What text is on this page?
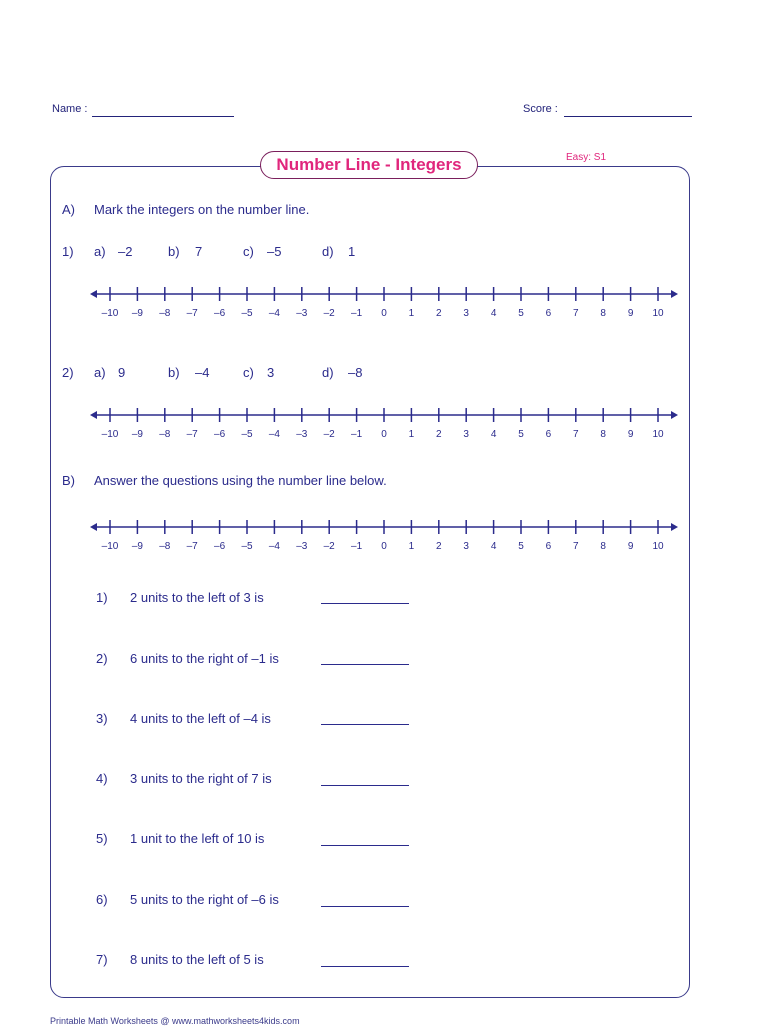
Name :	Score :
Number Line - Integers	Easy: S1
A) Mark the integers on the number line.
1) a) –2	b) 7	c) –5	d) 1
–10 –9 –8 –7 –6 –5 –4 –3 –2 –1 0 1 2 3 4 5 6 7 8 9 10
2) a) 9	b) –4	c) 3	d) –8
–10 –9 –8 –7 –6 –5 –4 –3 –2 –1 0 1 2 3 4 5 6 7 8 9 10
B) Answer the questions using the number line below.
–10 –9 –8 –7 –6 –5 –4 –3 –2 –1 0 1 2 3 4 5 6 7 8 9 10
1) 2 units to the left of 3 is
2) 6 units to the right of –1 is
3) 4 units to the left of –4 is
4) 3 units to the right of 7 is
5) 1 unit to the left of 10 is
6) 5 units to the right of –6 is
7) 8 units to the left of 5 is
Printable Math Worksheets @ www.mathworksheets4kids.com
